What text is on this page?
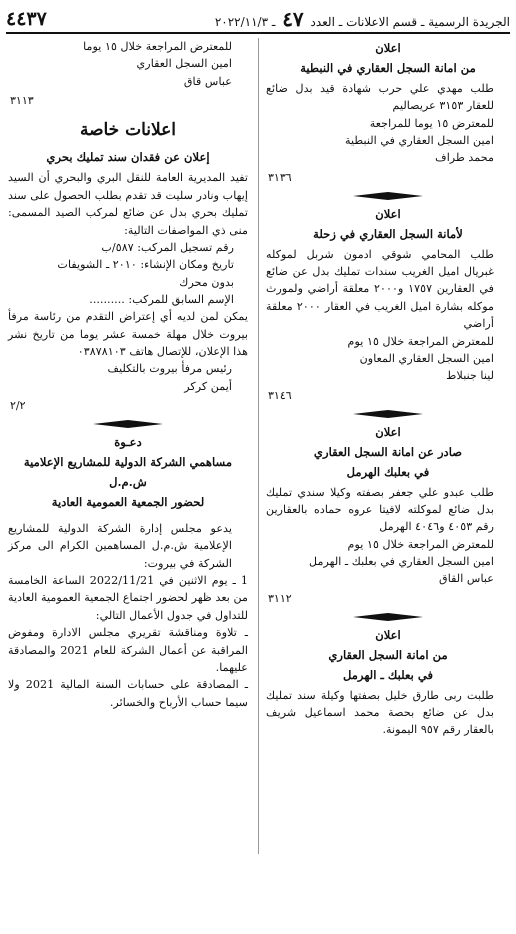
الجريدة الرسمية ـ قسم الاعلانات ـ العدد ٤٧ ـ ٢٠٢٢/١١/٣
٤٤٣٧

اعلان

من امانة السجل العقاري في النبطية

طلب مهدي علي حرب شهادة قيد بدل ضائع للعقار ٣١٥٣ عريصاليم

للمعترض ١٥ يوما للمراجعة

امين السجل العقاري في النبطية

محمد طراف

٣١٣٦

اعلان

لأمانة السجل العقاري في زحلة

طلب المحامي شوقي ادمون شربل لموكله غبريال اميل الغريب سندات تمليك بدل عن ضائع في العقارين ١٧٥٧ و٢٠٠٠ معلقة أراضي ولمورث موكله بشارة اميل الغريب في العقار ٢٠٠٠ معلقة أراضي

للمعترض المراجعة خلال ١٥ يوم

امين السجل العقاري المعاون

لينا جنبلاط

٣١٤٦

اعلان

صادر عن امانة السجل العقاري

في بعلبك الهرمل

طلب عبدو علي جعفر بصفته وكيلا سندي تمليك بدل ضائع لموكلته لافيتا عروه حماده بالعقارين رقم ٤٠٥٣ و٤٠٤٦ الهرمل

للمعترض المراجعة خلال ١٥ يوم

امين السجل العقاري في بعلبك ـ الهرمل

عباس القاق

٣١١٢

اعلان

من امانة السجل العقاري

في بعلبك ـ الهرمل

طلبت ربى طارق خليل بصفتها وكيلة سند تمليك بدل عن ضائع بحصة محمد اسماعيل شريف بالعقار رقم ٩٥٧ اليمونة.

للمعترض المراجعة خلال ١٥ يوما

امين السجل العقاري

عباس قاق

٣١١٣

اعلانات خاصة

إعلان عن فقدان سند تمليك بحري

تفيد المديرية العامة للنقل البري والبحري أن السيد إيهاب ونادر سليت قد تقدم بطلب الحصول على سند تمليك بحري بدل عن ضائع لمركب الصيد المسمى: منى ذي المواصفات التالية:

رقم تسجيل المركب: ٥٨٧/ب

تاريخ ومكان الإنشاء: ٢٠١٠ ـ الشويفات

بدون محرك

الإسم السابق للمركب: ..........

يمكن لمن لديه أي إعتراض التقدم من رئاسة مرفأ بيروت خلال مهلة خمسة عشر يوما من تاريخ نشر هذا الإعلان، للإتصال هاتف ٠٣٨٧٨١٠٣

رئيس مرفأ بيروت بالتكليف

أيمن كركر

٢/٢

دعـوة

مساهمي الشركة الدولية للمشاريع الإعلامية

ش.م.ل

لحضور الجمعية العمومية العادية

يدعو مجلس إدارة الشركة الدولية للمشاريع الإعلامية ش.م.ل المساهمين الكرام الى مركز الشركة في بيروت:

1 ـ يوم الاثنين في 2022/11/21 الساعة الخامسة من بعد ظهر لحضور اجتماع الجمعية العمومية العادية للتداول في جدول الأعمال التالي:

ـ تلاوة ومناقشة تقريري مجلس الادارة ومفوض المراقبة عن أعمال الشركة للعام 2021 والمصادقة عليهما.

ـ المصادقة على حسابات السنة المالية 2021 ولا سيما حساب الأرباح والخسائر.
